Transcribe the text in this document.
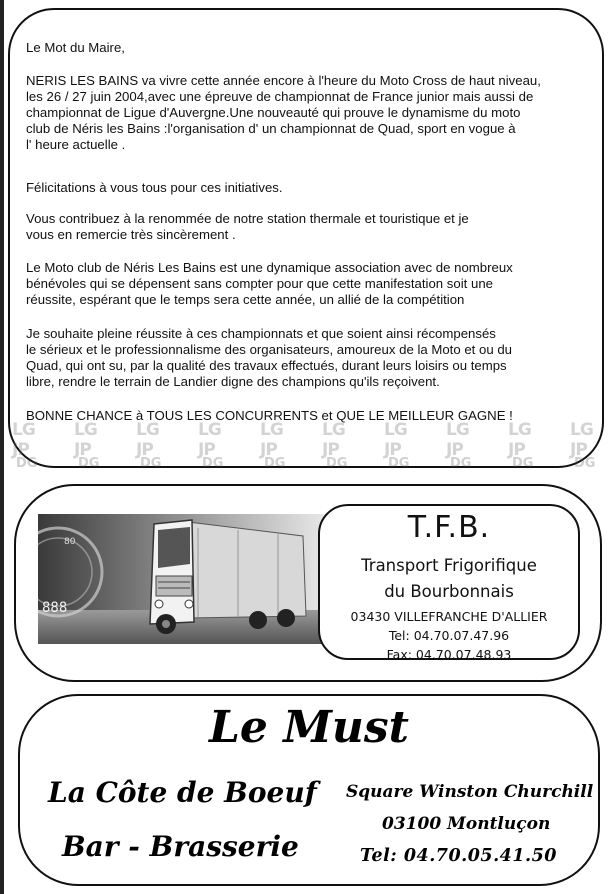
Le Mot du Maire,

NERIS LES BAINS va vivre cette année encore à l'heure du Moto Cross de haut niveau,
les 26 / 27 juin 2004,avec une épreuve de championnat de France junior mais aussi de
championnat de Ligue d'Auvergne.Une nouveauté qui prouve le dynamisme du moto
club de Néris les Bains :l'organisation d' un championnat de Quad, sport en vogue à
l' heure actuelle .

Félicitations à vous tous pour ces initiatives.

Vous contribuez à la renommée de notre station thermale et touristique et je
vous en remercie très sincèrement .
Le Moto club de Néris Les Bains est une dynamique association avec de nombreux
bénévoles qui se dépensent sans compter pour que cette manifestation soit une
réussite, espérant que le temps sera cette année, un allié de la compétition
Je souhaite pleine réussite à ces championnats et que soient ainsi récompensés
le sérieux et le professionnalisme des organisateurs, amoureux de la Moto et ou du
Quad, qui ont su, par la qualité des travaux effectués, durant leurs loisirs ou temps
libre, rendre le terrain de Landier digne des champions qu'ils reçoivent.

BONNE CHANCE à TOUS LES CONCURRENTS et QUE LE MEILLEUR GAGNE !

LG JP
DG
LG JP
DG
LG JP
DG
LG JP
DG
LG JP
DG
LG JP
DG
LG JP
DG
LG JP
DG
LG JP
DG
LG JP
DG
80
888
T.F.B.
Transport Frigorifique
du Bourbonnais
03430 VILLEFRANCHE D'ALLIER
Tel: 04.70.07.47.96
Fax: 04.70.07.48.93
Le Must
La Côte de Boeuf
Bar - Brasserie
Square Winston Churchill
03100 Montluçon
Tel: 04.70.05.41.50
